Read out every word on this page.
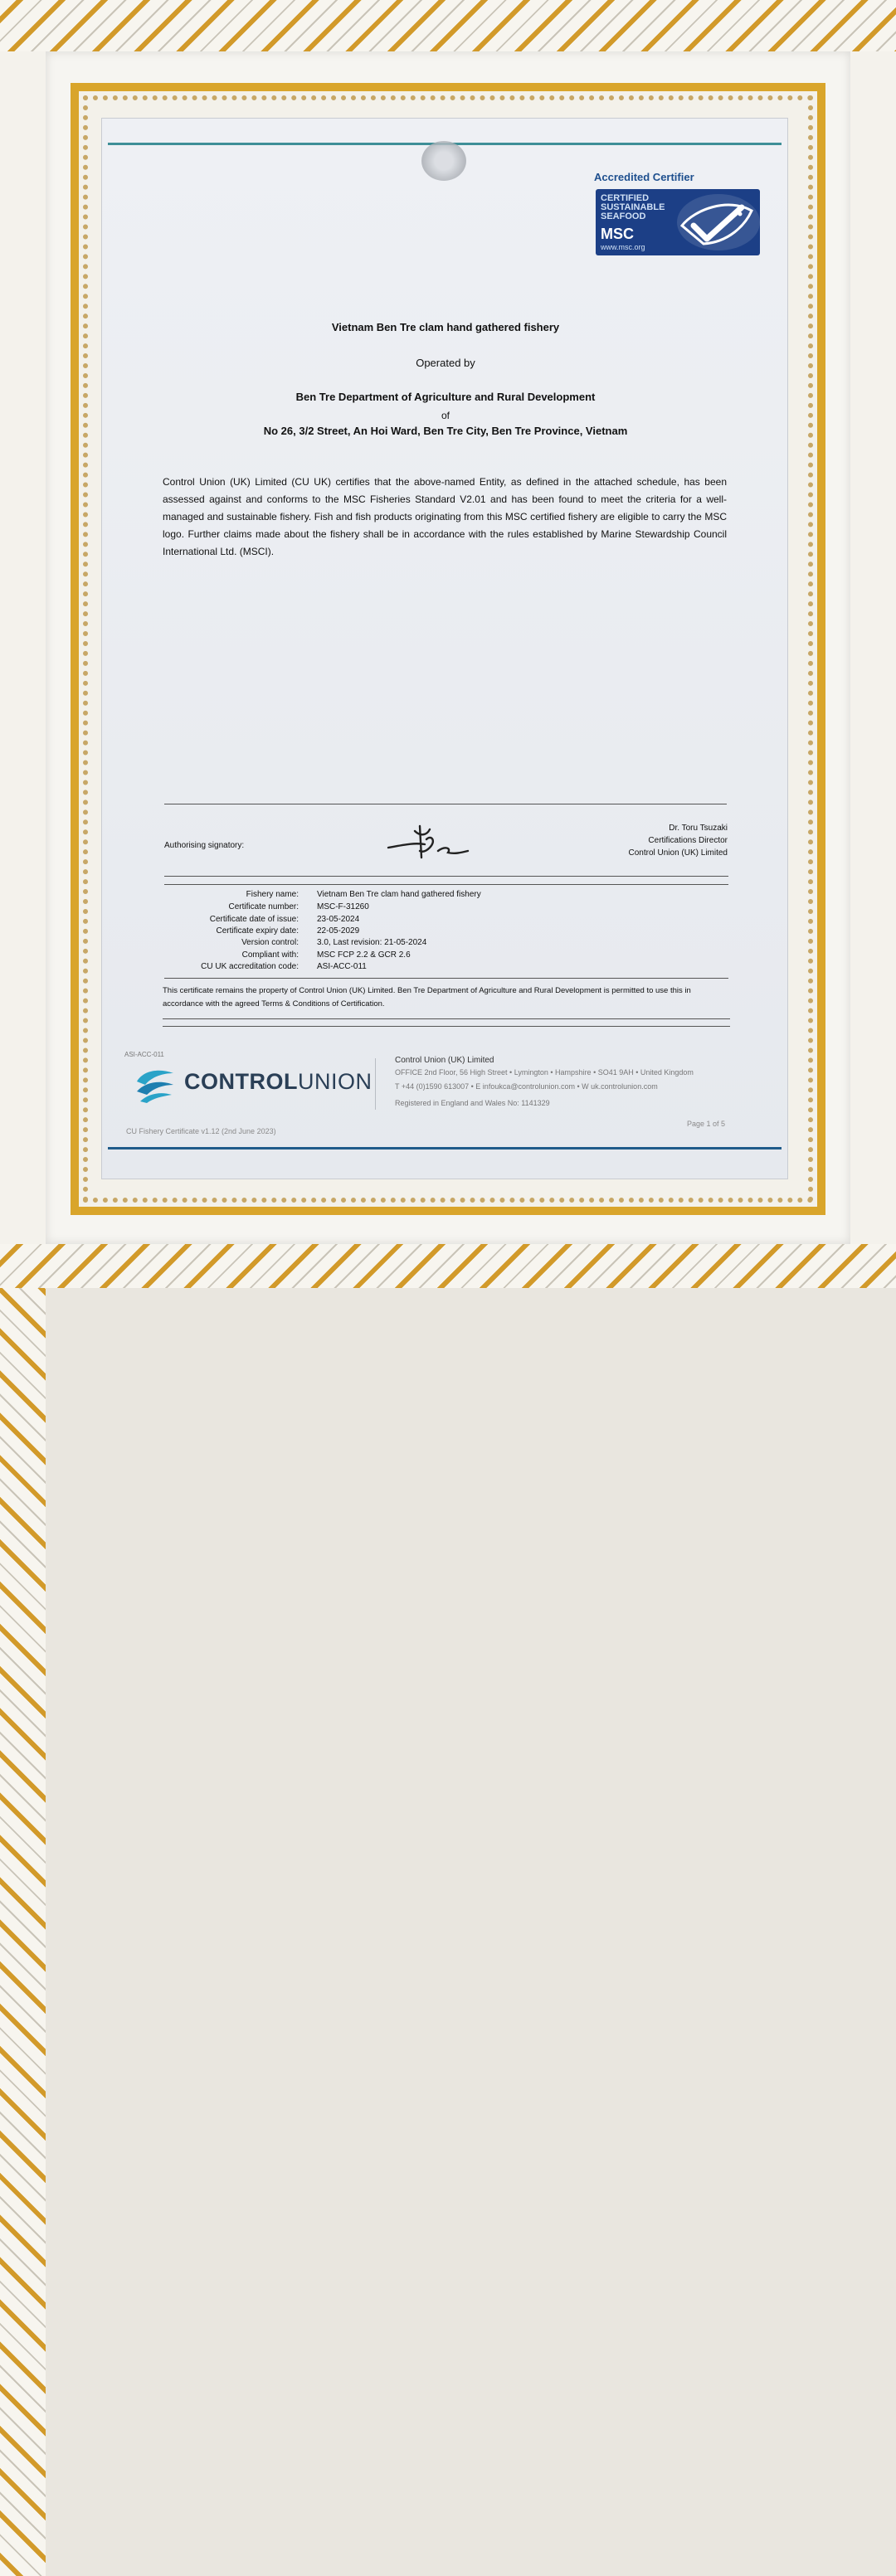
Accredited Certifier
CERTIFIED
SUSTAINABLE
SEAFOOD
MSC
www.msc.org
Vietnam Ben Tre clam hand gathered fishery
Operated by
Ben Tre Department of Agriculture and Rural Development
of
No 26, 3/2 Street, An Hoi Ward, Ben Tre City, Ben Tre Province, Vietnam
Control Union (UK) Limited (CU UK) certifies that the above-named Entity, as defined in the attached schedule, has been assessed against and conforms to the MSC Fisheries Standard V2.01 and has been found to meet the criteria for a well-managed and sustainable fishery. Fish and fish products originating from this MSC certified fishery are eligible to carry the MSC logo. Further claims made about the fishery shall be in accordance with the rules established by Marine Stewardship Council International Ltd. (MSCI).
Authorising signatory:
Dr. Toru Tsuzaki
Certifications Director
Control Union (UK) Limited
Fishery name:	Vietnam Ben Tre clam hand gathered fishery
Certificate number:	MSC-F-31260
Certificate date of issue:	23-05-2024
Certificate expiry date:	22-05-2029
Version control:	3.0, Last revision: 21-05-2024
Compliant with:	MSC FCP 2.2 & GCR 2.6
CU UK accreditation code:	ASI-ACC-011
This certificate remains the property of Control Union (UK) Limited. Ben Tre Department of Agriculture and Rural Development is permitted to use this in accordance with the agreed Terms & Conditions of Certification.
ASI-ACC-011
CONTROLUNION
Control Union (UK) Limited
OFFICE 2nd Floor, 56 High Street • Lymington • Hampshire • SO41 9AH • United Kingdom
T +44 (0)1590 613007 • E infoukca@controlunion.com • W uk.controlunion.com
Registered in England and Wales No: 1141329
CU Fishery Certificate v1.12 (2nd June 2023)
Page 1 of 5
